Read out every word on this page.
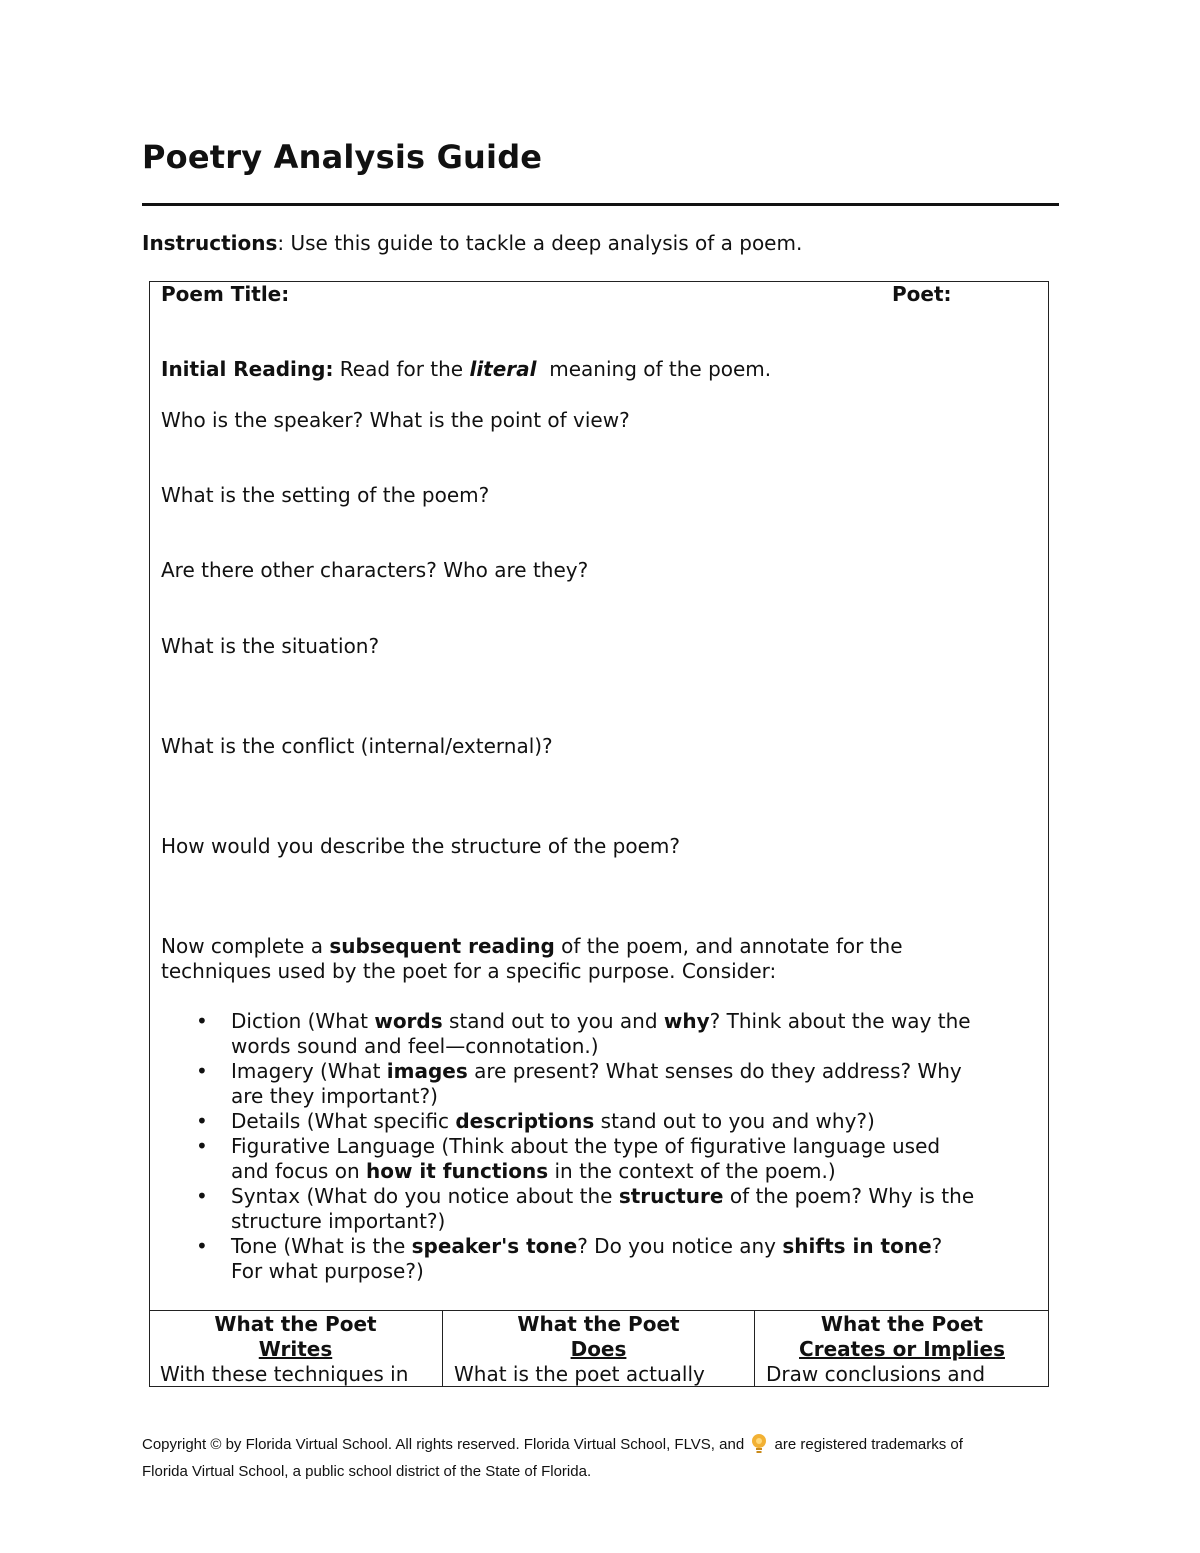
Poetry Analysis Guide
Instructions: Use this guide to tackle a deep analysis of a poem.
Poem Title:	Poet:
Initial Reading: Read for the literal  meaning of the poem.
Who is the speaker? What is the point of view?
What is the setting of the poem?
Are there other characters? Who are they?
What is the situation?
What is the conflict (internal/external)?
How would you describe the structure of the poem?
Now complete a subsequent reading of the poem, and annotate for the
techniques used by the poet for a specific purpose. Consider:
• Diction (What words stand out to you and why? Think about the way the
words sound and feel—connotation.)
• Imagery (What images are present? What senses do they address? Why
are they important?)
• Details (What specific descriptions stand out to you and why?)
• Figurative Language (Think about the type of figurative language used
and focus on how it functions in the context of the poem.)
• Syntax (What do you notice about the structure of the poem? Why is the
structure important?)
• Tone (What is the speaker's tone? Do you notice any shifts in tone?
For what purpose?)
What the Poet
Writes
With these techniques in
What the Poet
Does
What is the poet actually
What the Poet
Creates or Implies
Draw conclusions and
Copyright © by Florida Virtual School. All rights reserved. Florida Virtual School, FLVS, and are registered trademarks of
Florida Virtual School, a public school district of the State of Florida.
